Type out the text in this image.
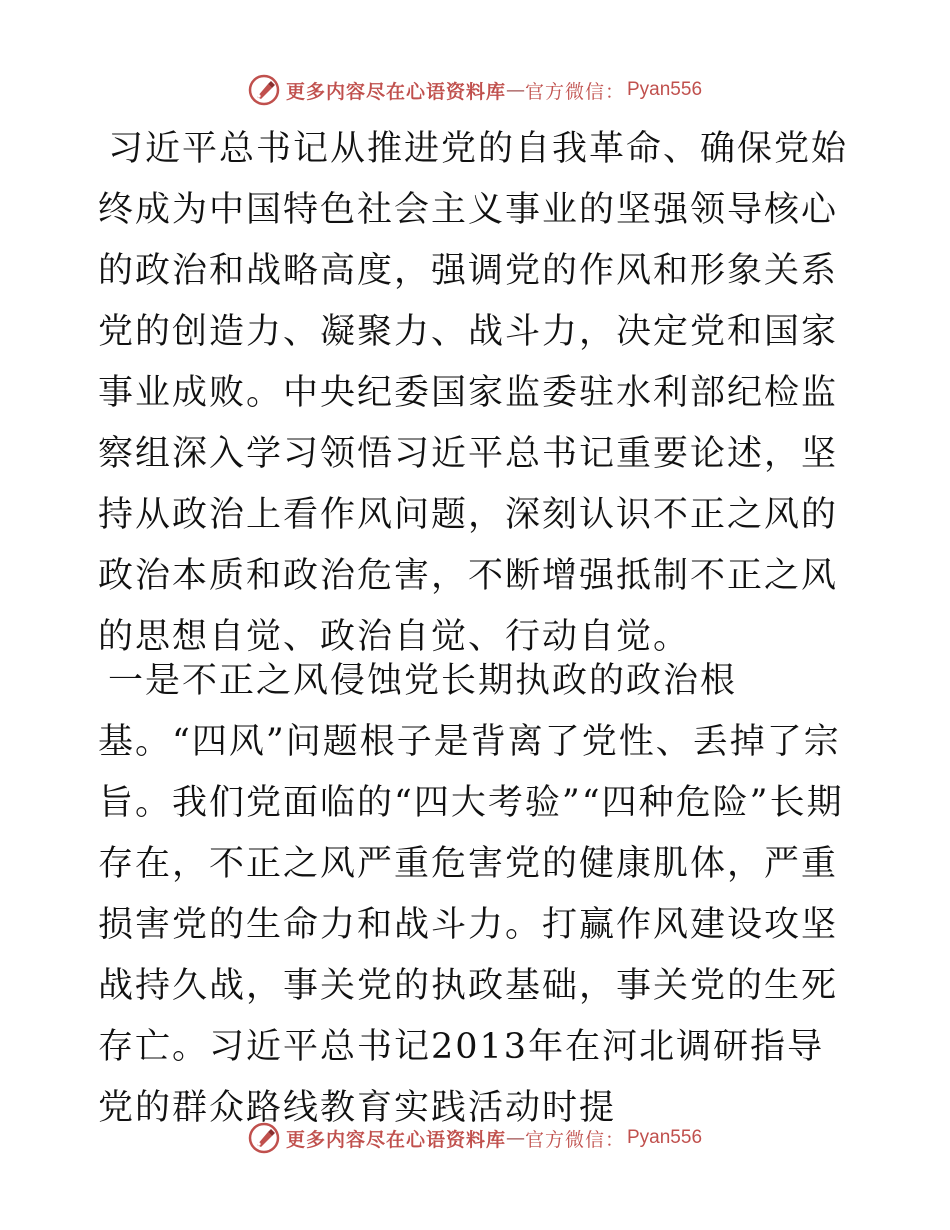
更多内容尽在心语资料库 — 官方微信： Pyan556

习近平总书记从推进党的自我革命、确保党始终成为中国特色社会主义事业的坚强领导核心的政治和战略高度，强调党的作风和形象关系党的创造力、凝聚力、战斗力，决定党和国家事业成败。中央纪委国家监委驻水利部纪检监察组深入学习领悟习近平总书记重要论述，坚持从政治上看作风问题，深刻认识不正之风的政治本质和政治危害，不断增强抵制不正之风的思想自觉、政治自觉、行动自觉。

一是不正之风侵蚀党长期执政的政治根基。“四风”问题根子是背离了党性、丢掉了宗旨。我们党面临的“四大考验”“四种危险”长期存在，不正之风严重危害党的健康肌体，严重损害党的生命力和战斗力。打赢作风建设攻坚战持久战，事关党的执政基础，事关党的生死存亡。习近平总书记2013年在河北调研指导党的群众路线教育实践活动时提

更多内容尽在心语资料库 — 官方微信： Pyan556
